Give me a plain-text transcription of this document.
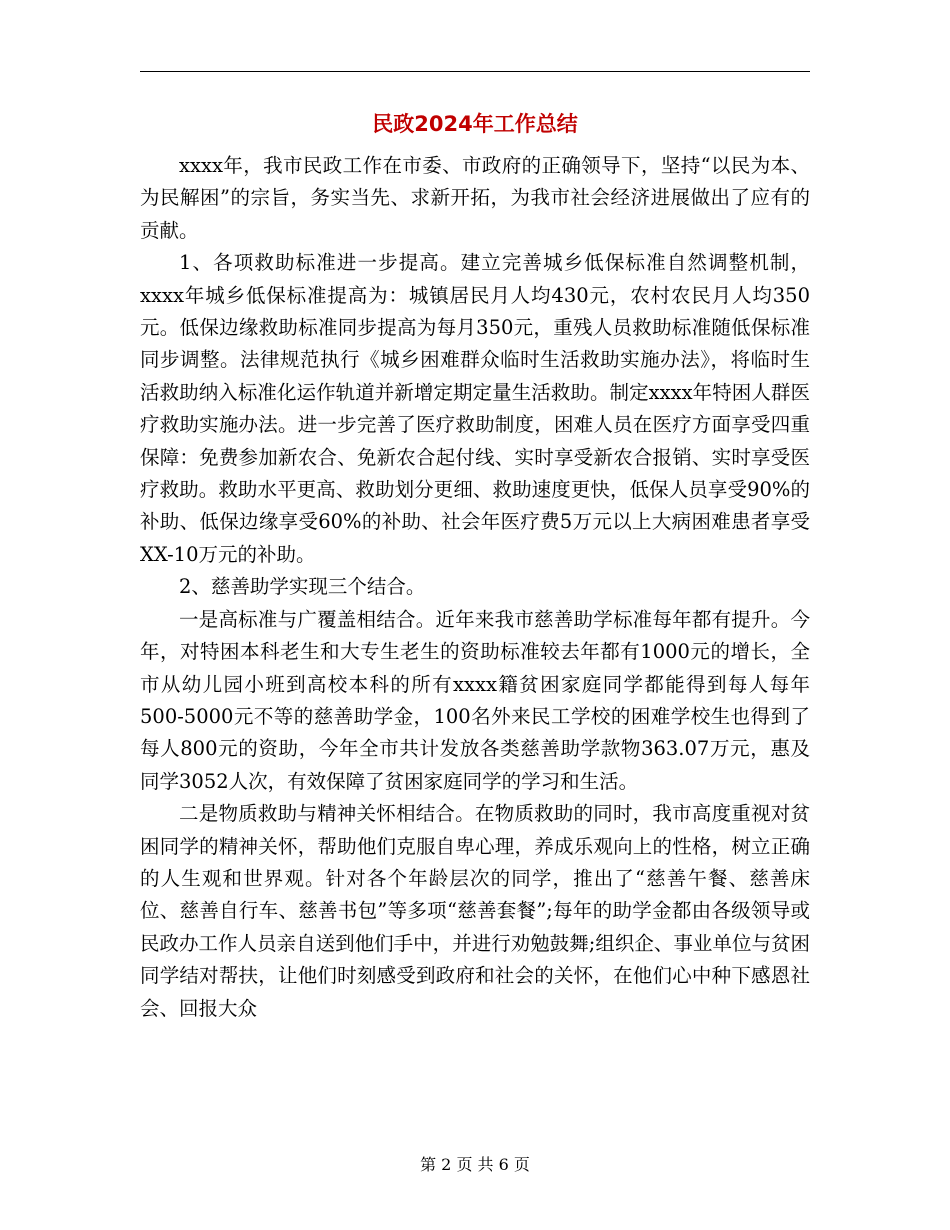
民政2024年工作总结

xxxx年，我市民政工作在市委、市政府的正确领导下，坚持“以民为本、为民解困”的宗旨，务实当先、求新开拓，为我市社会经济进展做出了应有的贡献。

1、各项救助标准进一步提高。建立完善城乡低保标准自然调整机制，xxxx年城乡低保标准提高为：城镇居民月人均430元，农村农民月人均350元。低保边缘救助标准同步提高为每月350元，重残人员救助标准随低保标准同步调整。法律规范执行《城乡困难群众临时生活救助实施办法》，将临时生活救助纳入标准化运作轨道并新增定期定量生活救助。制定xxxx年特困人群医疗救助实施办法。进一步完善了医疗救助制度，困难人员在医疗方面享受四重保障：免费参加新农合、免新农合起付线、实时享受新农合报销、实时享受医疗救助。救助水平更高、救助划分更细、救助速度更快，低保人员享受90%的补助、低保边缘享受60%的补助、社会年医疗费5万元以上大病困难患者享受XX-10万元的补助。

2、慈善助学实现三个结合。

一是高标准与广覆盖相结合。近年来我市慈善助学标准每年都有提升。今年，对特困本科老生和大专生老生的资助标准较去年都有1000元的增长，全市从幼儿园小班到高校本科的所有xxxx籍贫困家庭同学都能得到每人每年500-5000元不等的慈善助学金，100名外来民工学校的困难学校生也得到了每人800元的资助，今年全市共计发放各类慈善助学款物363.07万元，惠及同学3052人次，有效保障了贫困家庭同学的学习和生活。

二是物质救助与精神关怀相结合。在物质救助的同时，我市高度重视对贫困同学的精神关怀，帮助他们克服自卑心理，养成乐观向上的性格，树立正确的人生观和世界观。针对各个年龄层次的同学，推出了“慈善午餐、慈善床位、慈善自行车、慈善书包”等多项“慈善套餐”;每年的助学金都由各级领导或民政办工作人员亲自送到他们手中，并进行劝勉鼓舞;组织企、事业单位与贫困同学结对帮扶，让他们时刻感受到政府和社会的关怀，在他们心中种下感恩社会、回报大众

第 2 页 共 6 页
